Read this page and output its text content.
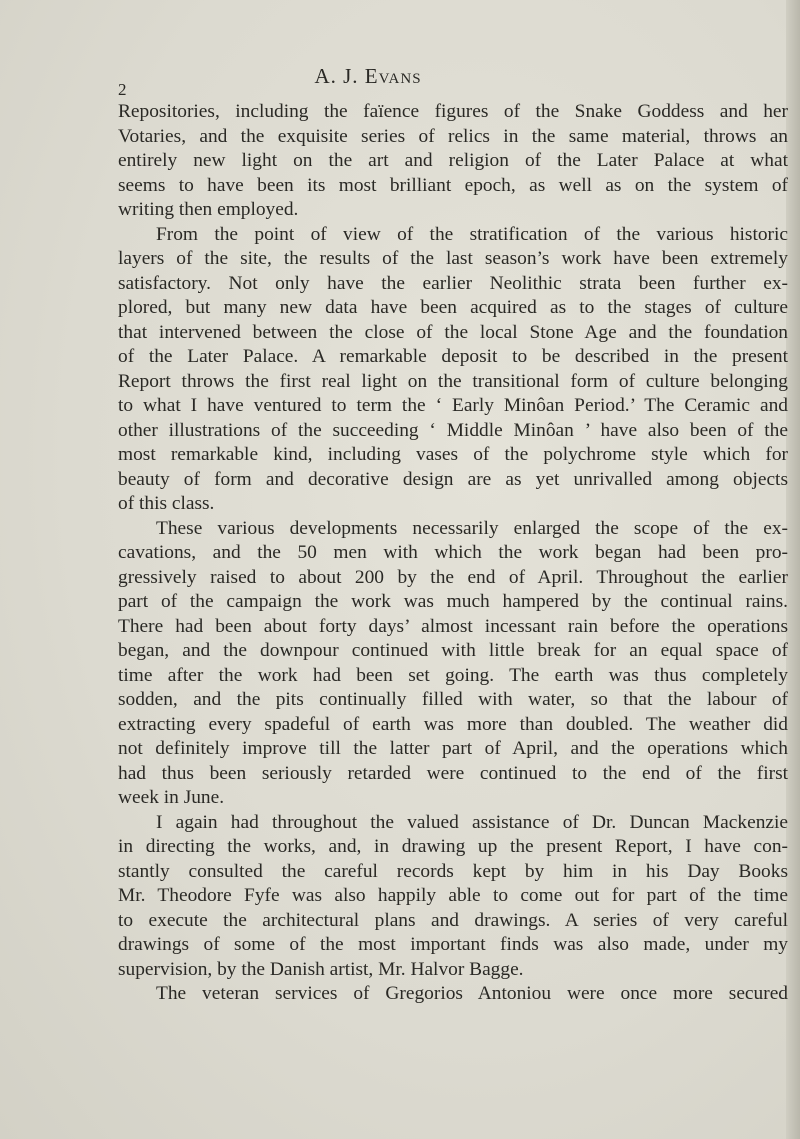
2
A. J. Evans
Repositories, including the faïence figures of the Snake Goddess and her
Votaries, and the exquisite series of relics in the same material, throws an
entirely new light on the art and religion of the Later Palace at what
seems to have been its most brilliant epoch, as well as on the system of
writing then employed.
From the point of view of the stratification of the various historic
layers of the site, the results of the last season’s work have been extremely
satisfactory. Not only have the earlier Neolithic strata been further ex-
plored, but many new data have been acquired as to the stages of culture
that intervened between the close of the local Stone Age and the foundation
of the Later Palace. A remarkable deposit to be described in the present
Report throws the first real light on the transitional form of culture belonging
to what I have ventured to term the ‘ Early Minôan Period.’ The Ceramic and
other illustrations of the succeeding ‘ Middle Minôan ’ have also been of the
most remarkable kind, including vases of the polychrome style which for
beauty of form and decorative design are as yet unrivalled among objects
of this class.
These various developments necessarily enlarged the scope of the ex-
cavations, and the 50 men with which the work began had been pro-
gressively raised to about 200 by the end of April. Throughout the earlier
part of the campaign the work was much hampered by the continual rains.
There had been about forty days’ almost incessant rain before the operations
began, and the downpour continued with little break for an equal space of
time after the work had been set going. The earth was thus completely
sodden, and the pits continually filled with water, so that the labour of
extracting every spadeful of earth was more than doubled. The weather did
not definitely improve till the latter part of April, and the operations which
had thus been seriously retarded were continued to the end of the first
week in June.
I again had throughout the valued assistance of Dr. Duncan Mackenzie
in directing the works, and, in drawing up the present Report, I have con-
stantly consulted the careful records kept by him in his Day Books
Mr. Theodore Fyfe was also happily able to come out for part of the time
to execute the architectural plans and drawings. A series of very careful
drawings of some of the most important finds was also made, under my
supervision, by the Danish artist, Mr. Halvor Bagge.
The veteran services of Gregorios Antoniou were once more secured
